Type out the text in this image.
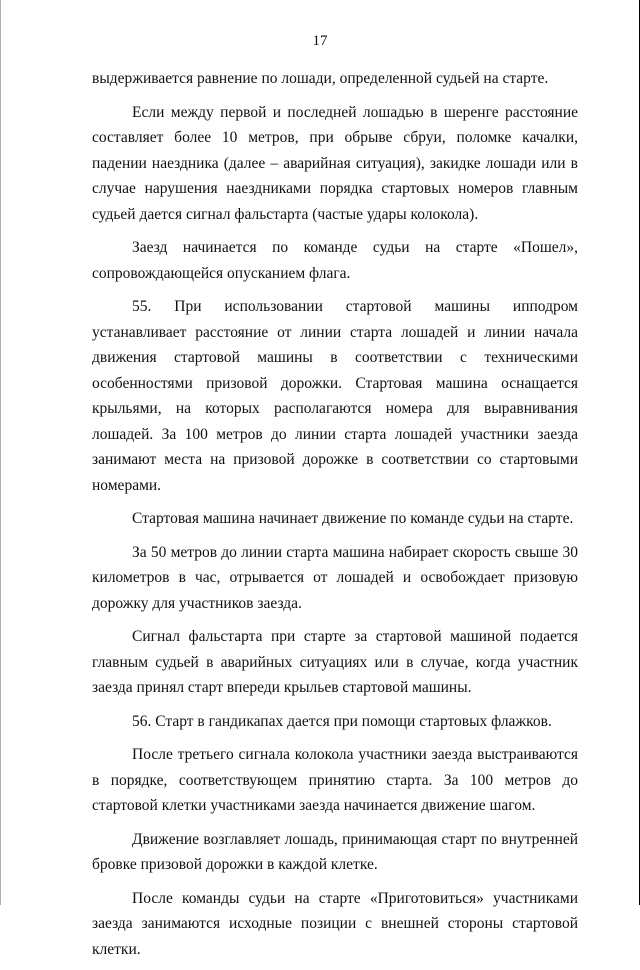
17

выдерживается равнение по лошади, определенной судьей на старте.

Если между первой и последней лошадью в шеренге расстояние составляет более 10 метров, при обрыве сбруи, поломке качалки, падении наездника (далее – аварийная ситуация), закидке лошади или в случае нарушения наездниками порядка стартовых номеров главным судьей дается сигнал фальстарта (частые удары колокола).

Заезд начинается по команде судьи на старте «Пошел», сопровождающейся опусканием флага.

55. При использовании стартовой машины ипподром устанавливает расстояние от линии старта лошадей и линии начала движения стартовой машины в соответствии с техническими особенностями призовой дорожки. Стартовая машина оснащается крыльями, на которых располагаются номера для выравнивания лошадей. За 100 метров до линии старта лошадей участники заезда занимают места на призовой дорожке в соответствии со стартовыми номерами.

Стартовая машина начинает движение по команде судьи на старте.

За 50 метров до линии старта машина набирает скорость свыше 30 километров в час, отрывается от лошадей и освобождает призовую дорожку для участников заезда.

Сигнал фальстарта при старте за стартовой машиной подается главным судьей в аварийных ситуациях или в случае, когда участник заезда принял старт впереди крыльев стартовой машины.

56. Старт в гандикапах дается при помощи стартовых флажков.

После третьего сигнала колокола участники заезда выстраиваются в порядке, соответствующем принятию старта. За 100 метров до стартовой клетки участниками заезда начинается движение шагом.

Движение возглавляет лошадь, принимающая старт по внутренней бровке призовой дорожки в каждой клетке.

После команды судьи на старте «Приготовиться» участниками заезда занимаются исходные позиции с внешней стороны стартовой клетки.
